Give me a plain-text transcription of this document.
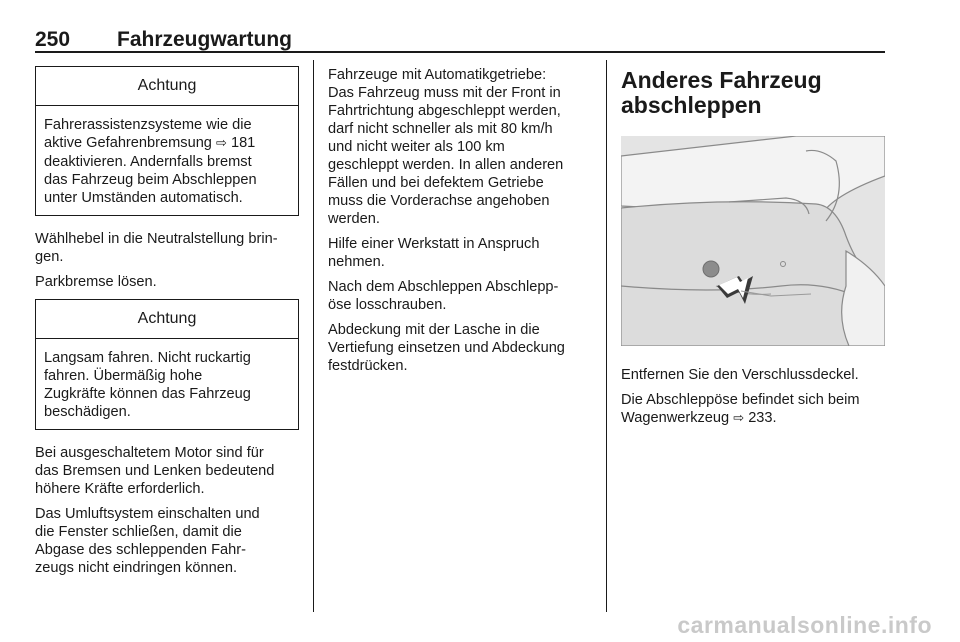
250 Fahrzeugwartung
Achtung
Fahrerassistenzsysteme wie die
aktive Gefahrenbremsung ⇨ 181
deaktivieren. Andernfalls bremst
das Fahrzeug beim Abschleppen
unter Umständen automatisch.

Wählhebel in die Neutralstellung brin-
gen.

Parkbremse lösen.

Achtung
Langsam fahren. Nicht ruckartig
fahren. Übermäßig hohe
Zugkräfte können das Fahrzeug
beschädigen.

Bei ausgeschaltetem Motor sind für
das Bremsen und Lenken bedeutend
höhere Kräfte erforderlich.

Das Umluftsystem einschalten und
die Fenster schließen, damit die
Abgase des schleppenden Fahr-
zeugs nicht eindringen können.

Fahrzeuge mit Automatikgetriebe:
Das Fahrzeug muss mit der Front in
Fahrtrichtung abgeschleppt werden,
darf nicht schneller als mit 80 km/h
und nicht weiter als 100 km
geschleppt werden. In allen anderen
Fällen und bei defektem Getriebe
muss die Vorderachse angehoben
werden.

Hilfe einer Werkstatt in Anspruch
nehmen.

Nach dem Abschleppen Abschlepp-
öse losschrauben.

Abdeckung mit der Lasche in die
Vertiefung einsetzen und Abdeckung
festdrücken.

Anderes Fahrzeug
abschleppen

Entfernen Sie den Verschlussdeckel.

Die Abschleppöse befindet sich beim
Wagenwerkzeug ⇨ 233.

carmanualsonline.info
